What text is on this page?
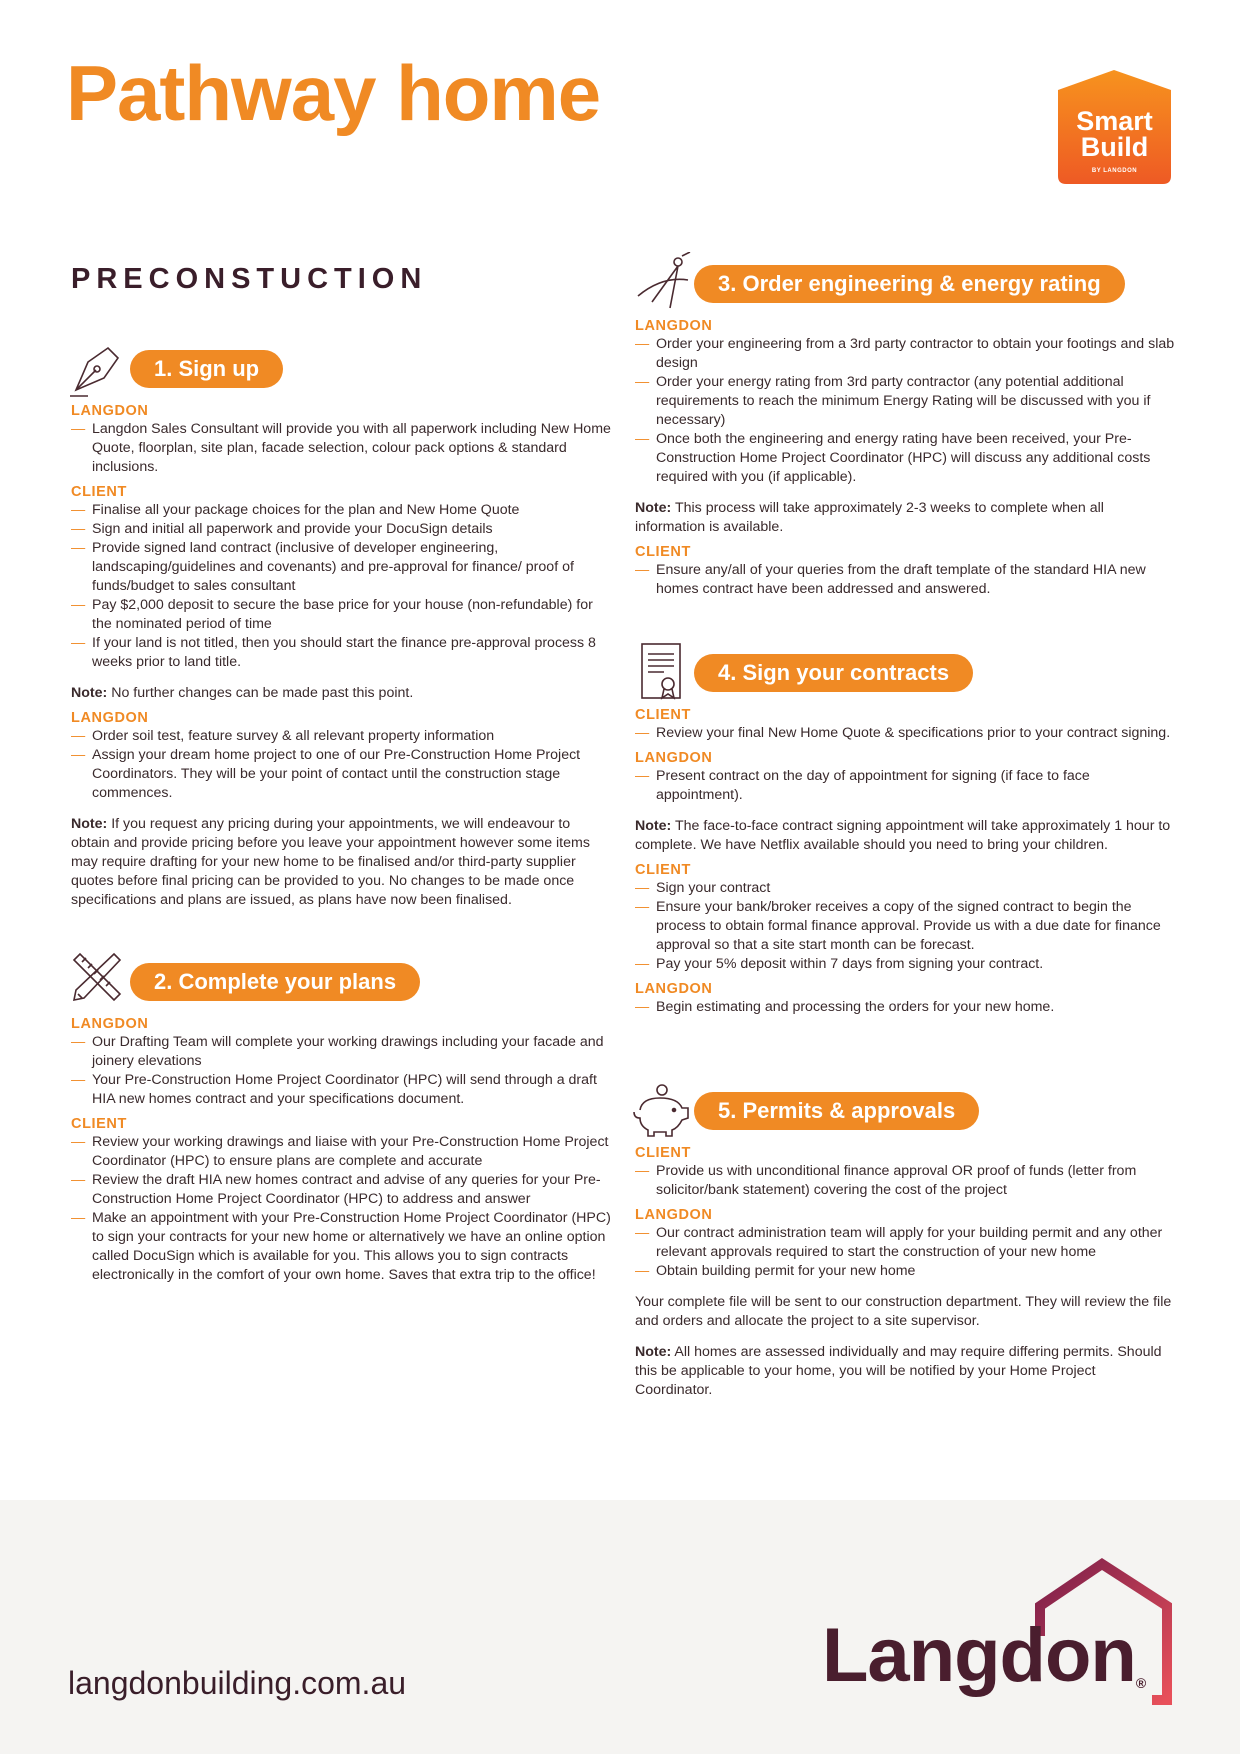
Pathway home	Smart
Build
BY LANGDON
PRECONSTUCTION
1. Sign up
LANGDON
— Langdon Sales Consultant will provide you with all paperwork including New Home Quote, floorplan, site plan, facade selection, colour pack options & standard inclusions.
CLIENT
— Finalise all your package choices for the plan and New Home Quote
— Sign and initial all paperwork and provide your DocuSign details
— Provide signed land contract (inclusive of developer engineering, landscaping/guidelines and covenants) and pre-approval for finance/ proof of funds/budget to sales consultant
— Pay $2,000 deposit to secure the base price for your house (non-refundable) for the nominated period of time
— If your land is not titled, then you should start the finance pre-approval process 8 weeks prior to land title.
Note: No further changes can be made past this point.
LANGDON
— Order soil test, feature survey & all relevant property information
— Assign your dream home project to one of our Pre-Construction Home Project Coordinators. They will be your point of contact until the construction stage commences.
Note: If you request any pricing during your appointments, we will endeavour to obtain and provide pricing before you leave your appointment however some items may require drafting for your new home to be finalised and/or third-party supplier quotes before final pricing can be provided to you. No changes to be made once specifications and plans are issued, as plans have now been finalised.
2. Complete your plans
LANGDON
— Our Drafting Team will complete your working drawings including your facade and joinery elevations
— Your Pre-Construction Home Project Coordinator (HPC) will send through a draft HIA new homes contract and your specifications document.
CLIENT
— Review your working drawings and liaise with your Pre-Construction Home Project Coordinator (HPC) to ensure plans are complete and accurate
— Review the draft HIA new homes contract and advise of any queries for your Pre-Construction Home Project Coordinator (HPC) to address and answer
— Make an appointment with your Pre-Construction Home Project Coordinator (HPC) to sign your contracts for your new home or alternatively we have an online option called DocuSign which is available for you. This allows you to sign contracts electronically in the comfort of your own home. Saves that extra trip to the office!
3. Order engineering & energy rating
LANGDON
— Order your engineering from a 3rd party contractor to obtain your footings and slab design
— Order your energy rating from 3rd party contractor (any potential additional requirements to reach the minimum Energy Rating will be discussed with you if necessary)
— Once both the engineering and energy rating have been received, your Pre-Construction Home Project Coordinator (HPC) will discuss any additional costs required with you (if applicable).
Note: This process will take approximately 2-3 weeks to complete when all information is available.
CLIENT
— Ensure any/all of your queries from the draft template of the standard HIA new homes contract have been addressed and answered.
4. Sign your contracts
CLIENT
— Review your final New Home Quote & specifications prior to your contract signing.
LANGDON
— Present contract on the day of appointment for signing (if face to face appointment).
Note: The face-to-face contract signing appointment will take approximately 1 hour to complete. We have Netflix available should you need to bring your children.
CLIENT
— Sign your contract
— Ensure your bank/broker receives a copy of the signed contract to begin the process to obtain formal finance approval. Provide us with a due date for finance approval so that a site start month can be forecast.
— Pay your 5% deposit within 7 days from signing your contract.
LANGDON
— Begin estimating and processing the orders for your new home.
5. Permits & approvals
CLIENT
— Provide us with unconditional finance approval OR proof of funds (letter from solicitor/bank statement) covering the cost of the project
LANGDON
— Our contract administration team will apply for your building permit and any other relevant approvals required to start the construction of your new home
— Obtain building permit for your new home
Your complete file will be sent to our construction department. They will review the file and orders and allocate the project to a site supervisor.
Note: All homes are assessed individually and may require differing permits. Should this be applicable to your home, you will be notified by your Home Project Coordinator.
langdonbuilding.com.au	Langdon®
